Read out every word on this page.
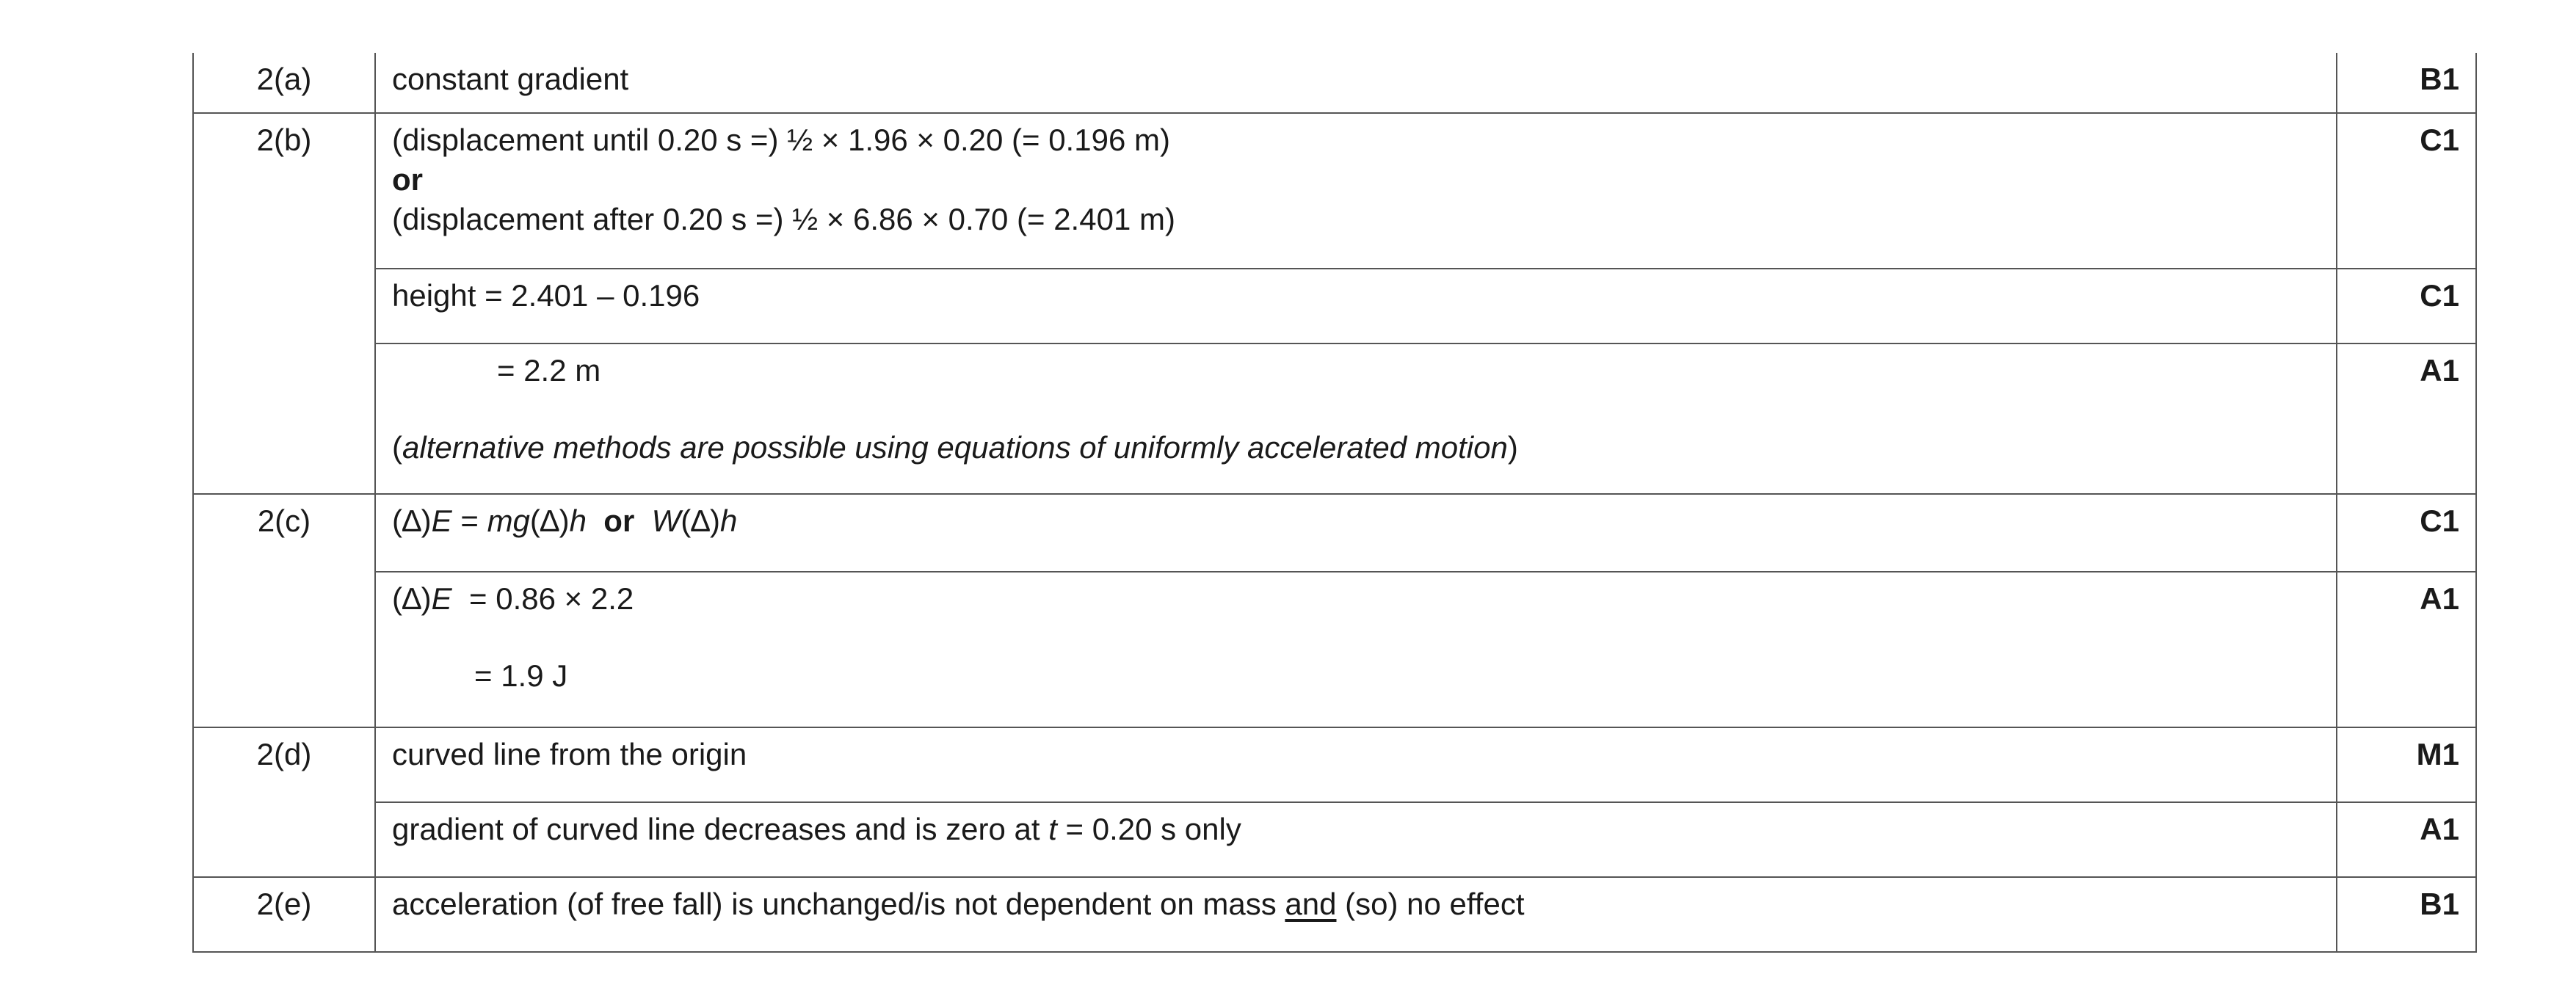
2(a)	constant gradient	B1

2(b)	(displacement until 0.20 s =) ½ × 1.96 × 0.20 (= 0.196 m)
or
(displacement after 0.20 s =) ½ × 6.86 × 0.70 (= 2.401 m)	C1

	height = 2.401 – 0.196	C1

	= 2.2 m
(alternative methods are possible using equations of uniformly accelerated motion)	A1

2(c)	(∆)E = mg(∆)h or W(∆)h	C1

	(∆)E  = 0.86 × 2.2
= 1.9 J	A1

2(d)	curved line from the origin	M1

	gradient of curved line decreases and is zero at t = 0.20 s only	A1

2(e)	acceleration (of free fall) is unchanged/is not dependent on mass and (so) no effect	B1
